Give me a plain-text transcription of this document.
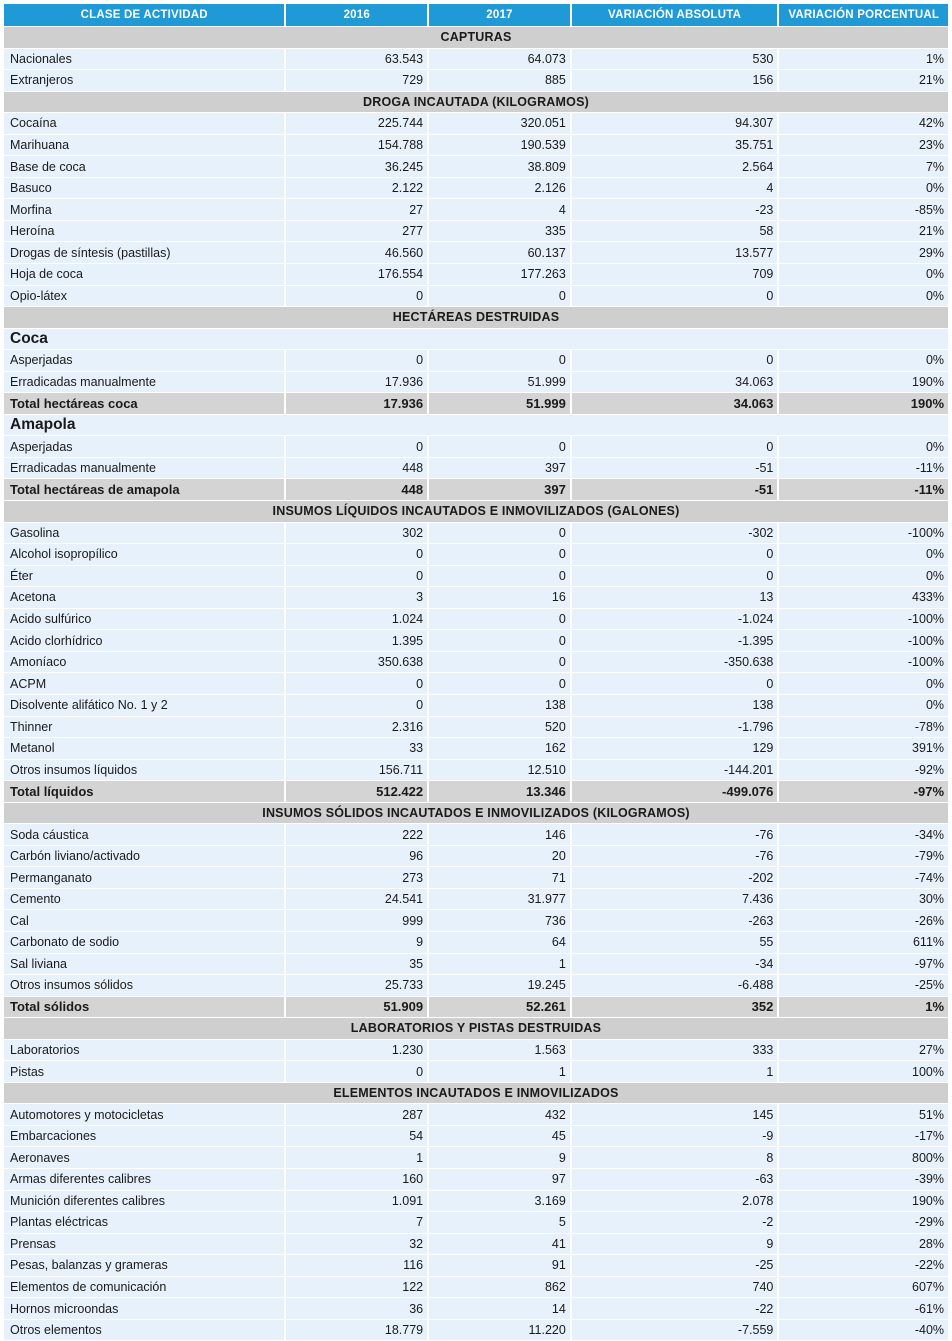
CLASE DE ACTIVIDAD	2016	2017	VARIACIÓN ABSOLUTA	VARIACIÓN PORCENTUAL
CAPTURAS
Nacionales	63.543	64.073	530	1%
Extranjeros	729	885	156	21%
DROGA INCAUTADA (KILOGRAMOS)
Cocaína	225.744	320.051	94.307	42%
Marihuana	154.788	190.539	35.751	23%
Base de coca	36.245	38.809	2.564	7%
Basuco	2.122	2.126	4	0%
Morfina	27	4	-23	-85%
Heroína	277	335	58	21%
Drogas de síntesis (pastillas)	46.560	60.137	13.577	29%
Hoja de coca	176.554	177.263	709	0%
Opio-látex	0	0	0	0%
HECTÁREAS DESTRUIDAS
Coca
Asperjadas	0	0	0	0%
Erradicadas manualmente	17.936	51.999	34.063	190%
Total hectáreas coca	17.936	51.999	34.063	190%
Amapola
Asperjadas	0	0	0	0%
Erradicadas manualmente	448	397	-51	-11%
Total hectáreas de amapola	448	397	-51	-11%
INSUMOS LÍQUIDOS INCAUTADOS E INMOVILIZADOS (GALONES)
Gasolina	302	0	-302	-100%
Alcohol isopropílico	0	0	0	0%
Éter	0	0	0	0%
Acetona	3	16	13	433%
Acido sulfúrico	1.024	0	-1.024	-100%
Acido clorhídrico	1.395	0	-1.395	-100%
Amoníaco	350.638	0	-350.638	-100%
ACPM	0	0	0	0%
Disolvente alifático No. 1 y 2	0	138	138	0%
Thinner	2.316	520	-1.796	-78%
Metanol	33	162	129	391%
Otros insumos líquidos	156.711	12.510	-144.201	-92%
Total líquidos	512.422	13.346	-499.076	-97%
INSUMOS SÓLIDOS INCAUTADOS E INMOVILIZADOS (KILOGRAMOS)
Soda cáustica	222	146	-76	-34%
Carbón liviano/activado	96	20	-76	-79%
Permanganato	273	71	-202	-74%
Cemento	24.541	31.977	7.436	30%
Cal	999	736	-263	-26%
Carbonato de sodio	9	64	55	611%
Sal liviana	35	1	-34	-97%
Otros insumos sólidos	25.733	19.245	-6.488	-25%
Total sólidos	51.909	52.261	352	1%
LABORATORIOS Y PISTAS DESTRUIDAS
Laboratorios	1.230	1.563	333	27%
Pistas	0	1	1	100%
ELEMENTOS INCAUTADOS E INMOVILIZADOS
Automotores y motocicletas	287	432	145	51%
Embarcaciones	54	45	-9	-17%
Aeronaves	1	9	8	800%
Armas diferentes calibres	160	97	-63	-39%
Munición diferentes calibres	1.091	3.169	2.078	190%
Plantas eléctricas	7	5	-2	-29%
Prensas	32	41	9	28%
Pesas, balanzas y grameras	116	91	-25	-22%
Elementos de comunicación	122	862	740	607%
Hornos microondas	36	14	-22	-61%
Otros elementos	18.779	11.220	-7.559	-40%
